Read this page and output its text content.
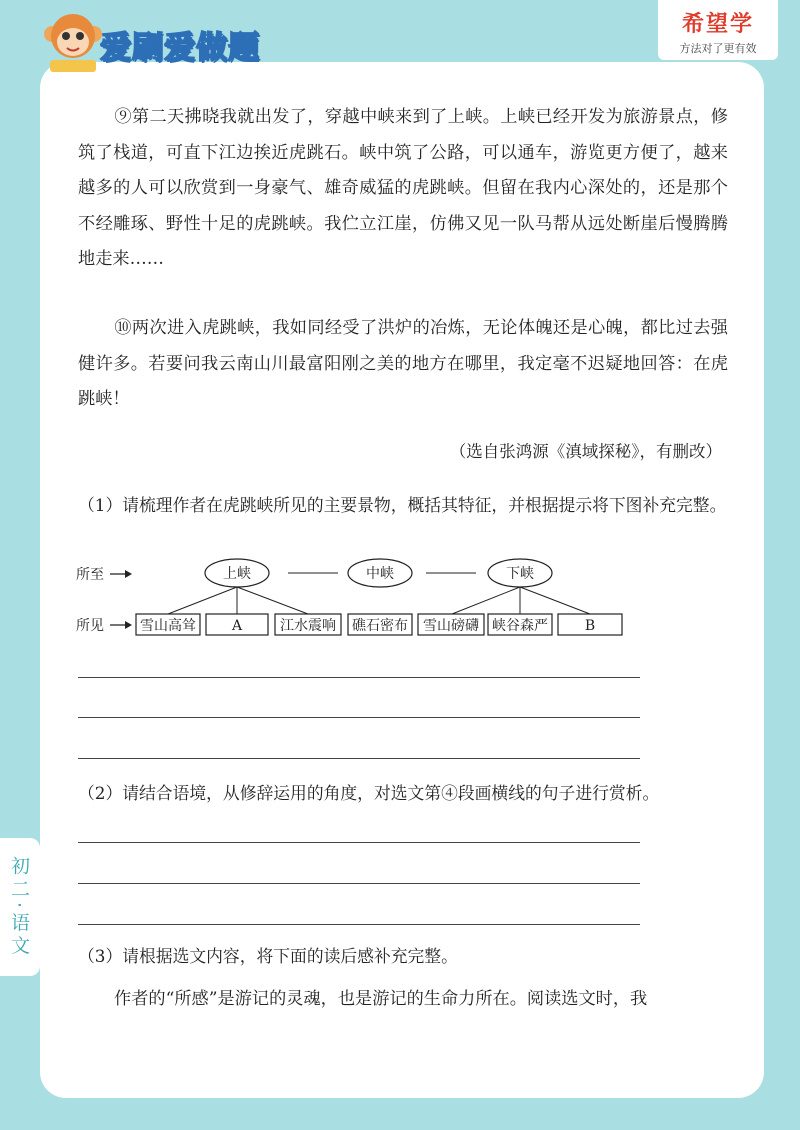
爱刷爱做题
希望学
方法对了更有效
初二·语文

⑨第二天拂晓我就出发了，穿越中峡来到了上峡。上峡已经开发为旅游景点，修筑了栈道，可直下江边挨近虎跳石。峡中筑了公路，可以通车，游览更方便了，越来越多的人可以欣赏到一身豪气、雄奇威猛的虎跳峡。但留在我内心深处的，还是那个不经雕琢、野性十足的虎跳峡。我伫立江崖，仿佛又见一队马帮从远处断崖后慢腾腾地走来……

⑩两次进入虎跳峡，我如同经受了洪炉的冶炼，无论体魄还是心魄，都比过去强健许多。若要问我云南山川最富阳刚之美的地方在哪里，我定毫不迟疑地回答：在虎跳峡！

（选自张鸿源《滇域探秘》，有删改）

（1）请梳理作者在虎跳峡所见的主要景物，概括其特征，并根据提示将下图补充完整。

所至
所见
上峡	中峡	下峡
雪山高耸	A	江水震响 礁石密布 雪山磅礴 峡谷森严	B

（2）请结合语境，从修辞运用的角度，对选文第④段画横线的句子进行赏析。

（3）请根据选文内容，将下面的读后感补充完整。

作者的“所感”是游记的灵魂，也是游记的生命力所在。阅读选文时，我
